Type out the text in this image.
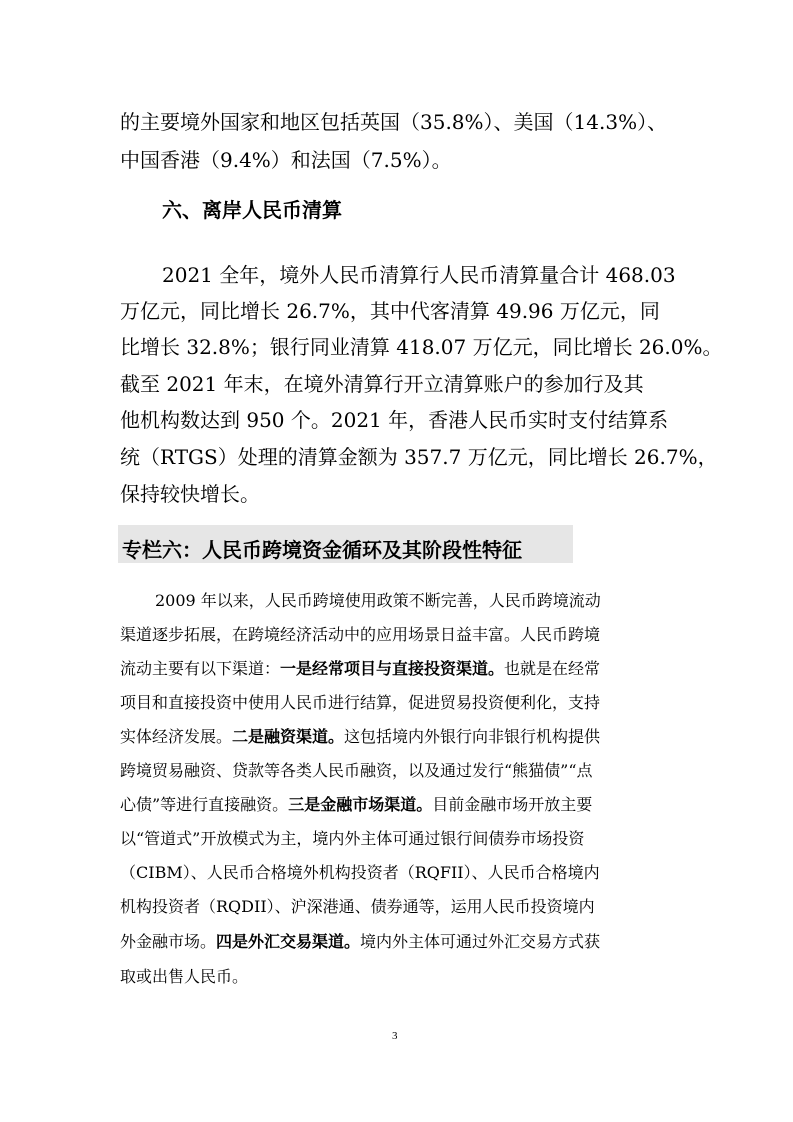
的主要境外国家和地区包括英国（35.8%）、美国（14.3%）、
中国香港（9.4%）和法国（7.5%）。
六、离岸人民币清算
2021 全年，境外人民币清算行人民币清算量合计 468.03
万亿元，同比增长 26.7%，其中代客清算 49.96 万亿元，同
比增长 32.8%；银行同业清算 418.07 万亿元，同比增长 26.0%。
截至 2021 年末，在境外清算行开立清算账户的参加行及其
他机构数达到 950 个。2021 年，香港人民币实时支付结算系
统（RTGS）处理的清算金额为 357.7 万亿元，同比增长 26.7%，
保持较快增长。
专栏六：人民币跨境资金循环及其阶段性特征
2009 年以来，人民币跨境使用政策不断完善，人民币跨境流动
渠道逐步拓展，在跨境经济活动中的应用场景日益丰富。人民币跨境
流动主要有以下渠道：一是经常项目与直接投资渠道。也就是在经常
项目和直接投资中使用人民币进行结算，促进贸易投资便利化，支持
实体经济发展。二是融资渠道。这包括境内外银行向非银行机构提供
跨境贸易融资、贷款等各类人民币融资，以及通过发行“熊猫债”“点
心债”等进行直接融资。三是金融市场渠道。目前金融市场开放主要
以“管道式”开放模式为主，境内外主体可通过银行间债券市场投资
（CIBM）、人民币合格境外机构投资者（RQFII）、人民币合格境内
机构投资者（RQDII）、沪深港通、债券通等，运用人民币投资境内
外金融市场。四是外汇交易渠道。境内外主体可通过外汇交易方式获
取或出售人民币。
3
